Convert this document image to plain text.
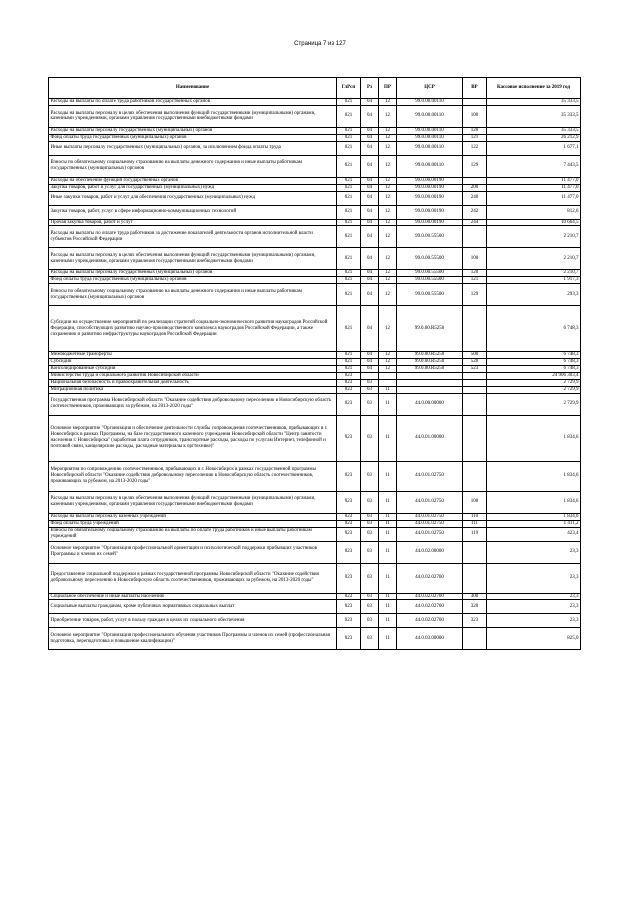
Страница 7 из 127
Наименование	ГлРсп	Рз	ПР	ЦСР	ВР	Кассовое исполнение за 2019 год
Расходы на выплаты по оплате труда работников государственных органов	021	04	12	99.0.00.00110		35 333,5
Расходы на выплаты персоналу в целях обеспечения выполнения функций государственными (муниципальными) органами, казенными учреждениями, органами управления государственными внебюджетными фондами	021	04	12	99.0.00.00110	100	35 333,5
Расходы на выплаты персоналу государственных (муниципальных) органов	021	04	12	99.0.00.00110	120	35 333,5
Фонд оплаты труда государственных (муниципальных) органов	021	04	12	99.0.00.00110	121	26 212,9
Иные выплаты персоналу государственных (муниципальных) органов, за исключением фонда оплаты труда	021	04	12	99.0.00.00110	122	1 677,1
Взносы по обязательному социальному страхованию на выплаты денежного содержания и иные выплаты работникам государственных (муниципальных) органов	021	04	12	99.0.00.00110	129	7 443,5
Расходы на обеспечение функций государственных органов	021	04	12	99.0.00.00190		11 477,0
Закупка товаров, работ и услуг для государственных (муниципальных) нужд	021	04	12	99.0.00.00190	200	11 477,0
Иные закупки товаров, работ и услуг для обеспечения государственных (муниципальных) нужд	021	04	12	99.0.00.00190	240	11 477,0
Закупка товаров, работ, услуг в сфере информационно-коммуникационных технологий	021	04	12	99.0.00.00190	242	812,6
Прочая закупка товаров, работ и услуг	021	04	12	99.0.00.00190	244	10 664,5
Расходы на выплаты по оплате труда работников за достижение показателей деятельности органов исполнительной власти субъектов Российской Федерации	021	04	12	99.0.00.55500		2 210,7
Расходы на выплаты персоналу в целях обеспечения выполнения функций государственными (муниципальными) органами, казенными учреждениями, органами управления государственными внебюджетными фондами	021	04	12	99.0.00.55500	100	2 210,7
Расходы на выплаты персоналу государственных (муниципальных) органов	021	04	12	99.0.00.55500	120	2 210,7
Фонд оплаты труда государственных (муниципальных) органов	021	04	12	99.0.00.55500	121	1 917,3
Взносы по обязательному социальному страхованию на выплаты денежного содержания и иные выплаты работникам государственных (муниципальных) органов	021	04	12	99.0.00.55500	129	293,3
Субсидии на осуществление мероприятий по реализации стратегий социально-экономического развития наукоградов Российской Федерации, способствующих развитию научно-производственного комплекса наукоградов Российской Федерации, а также сохранению и развитию инфраструктуры наукоградов Российской Федерации	021	04	12	99.0.00.R5250		6 748,3
Межбюджетные трансферты	021	04	12	99.0.00.R5250	500	6 748,3
Субсидии	021	04	12	99.0.00.R5250	520	6 748,3
Консолидированные субсидии	021	04	12	99.0.00.R5250	523	6 748,3
Министерство труда и социального развития Новосибирской области	023					24 906 303,4
Национальная безопасность и правоохранительная деятельность	023	03				2 729,9
Миграционная политика	023	03	11			2 729,9
Государственная программа Новосибирской области "Оказание содействия добровольному переселению в Новосибирскую область соотечественников, проживающих за рубежом, на 2013-2020 годы"	023	03	11	44.0.00.00000		2 729,9
Основное мероприятие "Организация и обеспечение деятельности службы сопровождения соотечественников, прибывающих в г. Новосибирск в рамках Программы, на базе государственного казенного учреждения Новосибирской области "Центр занятости населения г. Новосибирска" (заработная плата сотрудников, транспортные расходы, расходы по услугам Интернет, телефонной и почтовой связи, канцелярские расходы, расходные материалы к оргтехнике)"	023	03	11	44.0.01.00000		1 834,6
Мероприятия по сопровождению соотечественников, прибывающих в г. Новосибирск в рамках государственной программы Новосибирской области "Оказание содействия добровольному переселению в Новосибирскую область соотечественников, проживающих за рубежом, на 2013-2020 годы"	023	03	11	44.0.01.02750		1 834,6
Расходы на выплаты персоналу в целях обеспечения выполнения функций государственными (муниципальными) органами, казенными учреждениями, органами управления государственными внебюджетными фондами	023	03	11	44.0.01.02750	100	1 834,6
Расходы на выплаты персоналу казенных учреждений	023	03	11	44.0.01.02750	110	1 834,6
Фонд оплаты труда учреждений	023	03	11	44.0.01.02750	111	1 411,2
Взносы по обязательному социальному страхованию на выплаты по оплате труда работников и иные выплаты работникам учреждений	023	03	11	44.0.01.02750	119	423,4
Основное мероприятие "Организация профессиональной ориентации и психологической поддержки прибывших участников Программы и членов их семей"	023	03	11	44.0.02.00000		23,3
Предоставление социальной поддержки в рамках государственной программы Новосибирской области "Оказание содействия добровольному переселению в Новосибирскую область соотечественников, проживающих за рубежом, на 2013-2020 годы"	023	03	11	44.0.02.02760		23,3
Социальное обеспечение и иные выплаты населению	023	03	11	44.0.02.02760	300	23,3
Социальные выплаты гражданам, кроме публичных нормативных социальных выплат	023	03	11	44.0.02.02760	320	23,3
Приобретение товаров, работ, услуг в пользу граждан в целях их социального обеспечения	023	03	11	44.0.02.02760	323	23,3
Основное мероприятие "Организация профессионального обучения участников Программы и членов их семей (профессиональная подготовка, переподготовка и повышение квалификации)"	023	03	11	44.0.03.00000		825,0
